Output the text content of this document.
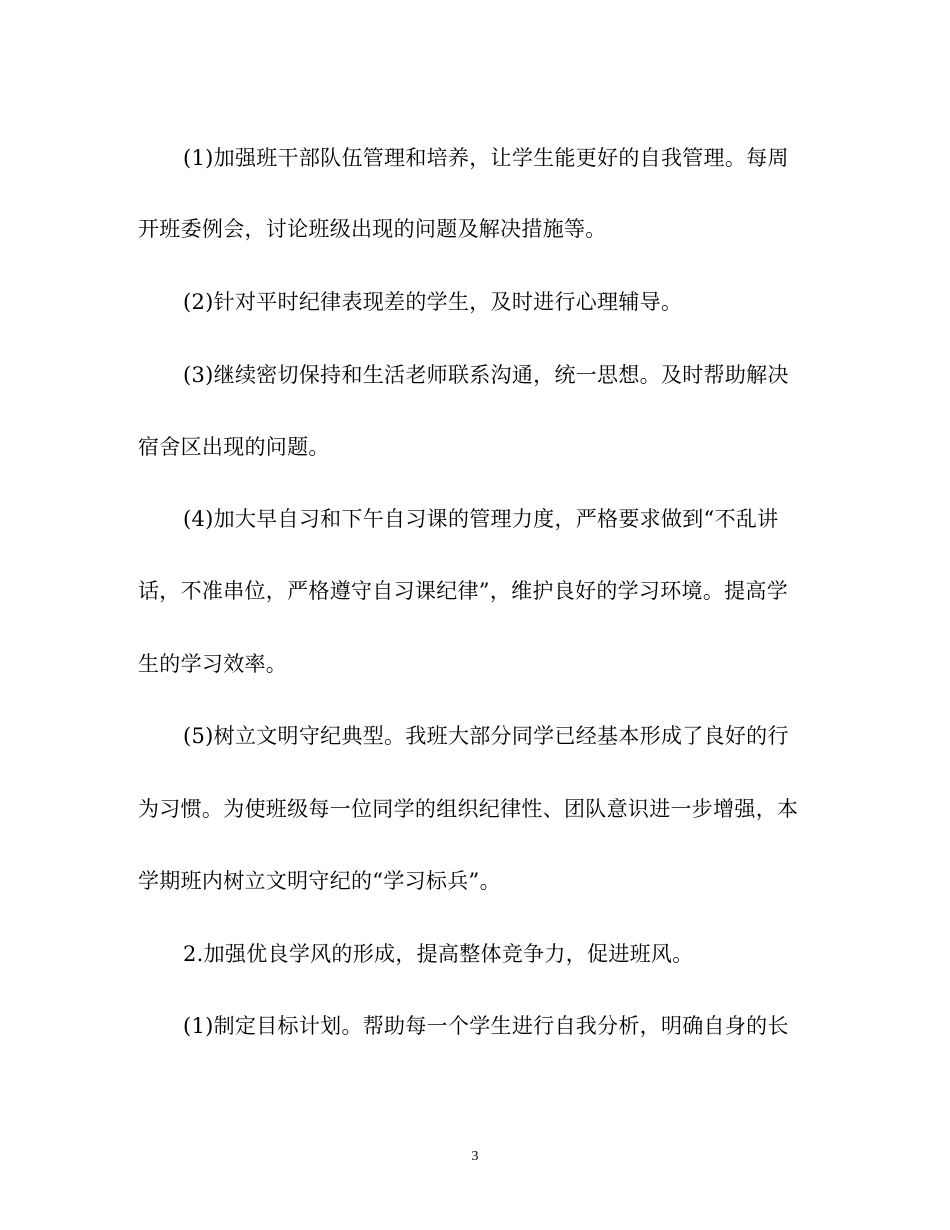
(1)加强班干部队伍管理和培养，让学生能更好的自我管理。每周
开班委例会，讨论班级出现的问题及解决措施等。
(2)针对平时纪律表现差的学生，及时进行心理辅导。
(3)继续密切保持和生活老师联系沟通，统一思想。及时帮助解决
宿舍区出现的问题。
(4)加大早自习和下午自习课的管理力度，严格要求做到“不乱讲
话，不准串位，严格遵守自习课纪律”，维护良好的学习环境。提高学
生的学习效率。
(5)树立文明守纪典型。我班大部分同学已经基本形成了良好的行
为习惯。为使班级每一位同学的组织纪律性、团队意识进一步增强，本
学期班内树立文明守纪的“学习标兵”。
2.加强优良学风的形成，提高整体竞争力，促进班风。
(1)制定目标计划。帮助每一个学生进行自我分析，明确自身的长
3
